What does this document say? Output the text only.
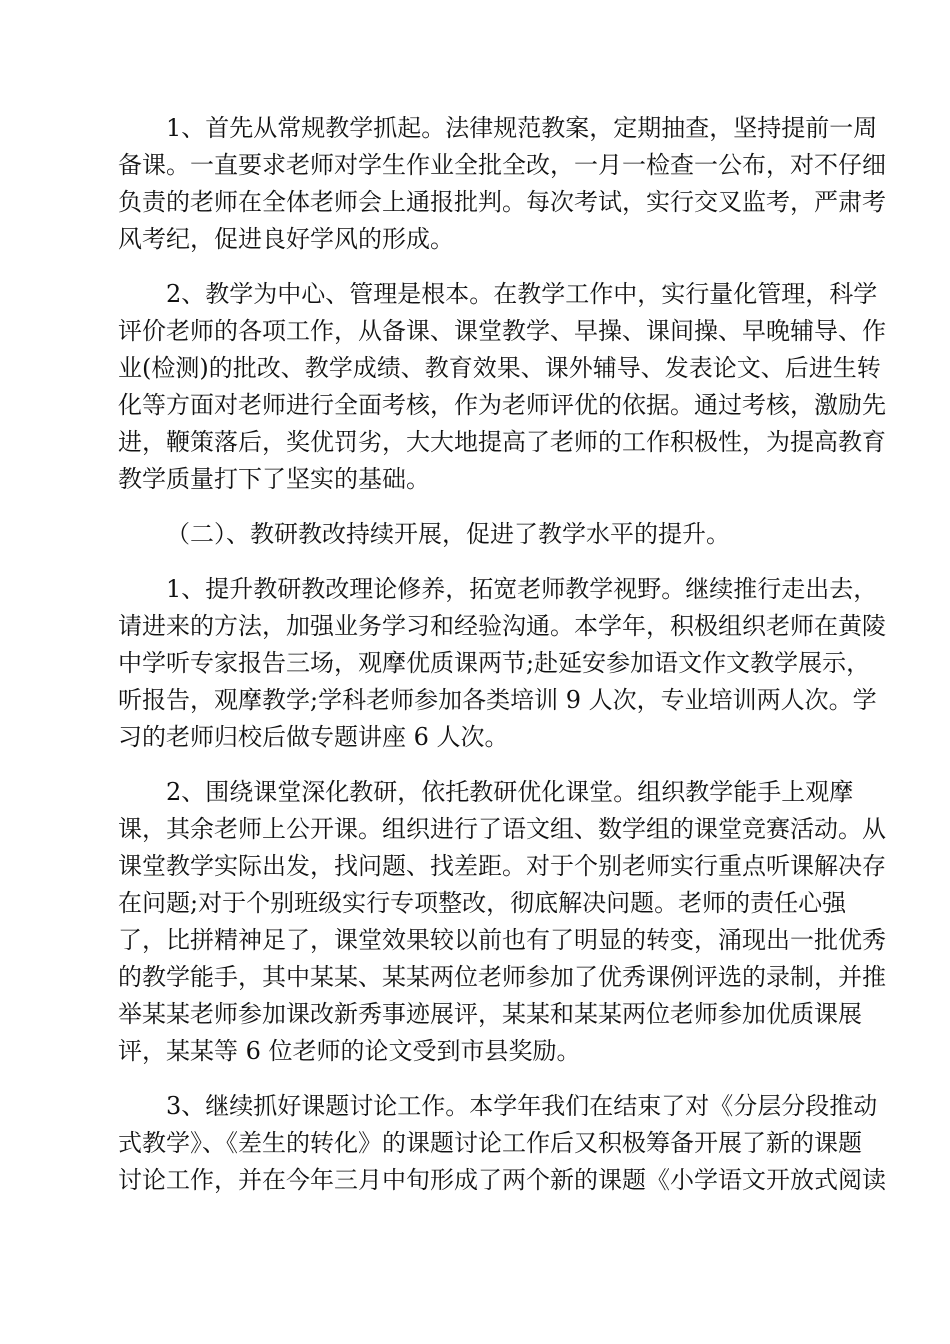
1、首先从常规教学抓起。法律规范教案，定期抽查，坚持提前一周
备课。一直要求老师对学生作业全批全改，一月一检查一公布，对不仔细
负责的老师在全体老师会上通报批判。每次考试，实行交叉监考，严肃考
风考纪，促进良好学风的形成。

2、教学为中心、管理是根本。在教学工作中，实行量化管理，科学
评价老师的各项工作，从备课、课堂教学、早操、课间操、早晚辅导、作
业(检测)的批改、教学成绩、教育效果、课外辅导、发表论文、后进生转
化等方面对老师进行全面考核，作为老师评优的依据。通过考核，激励先
进，鞭策落后，奖优罚劣，大大地提高了老师的工作积极性，为提高教育
教学质量打下了坚实的基础。

（二）、教研教改持续开展，促进了教学水平的提升。

1、提升教研教改理论修养，拓宽老师教学视野。继续推行走出去，
请进来的方法，加强业务学习和经验沟通。本学年，积极组织老师在黄陵
中学听专家报告三场，观摩优质课两节;赴延安参加语文作文教学展示，
听报告，观摩教学;学科老师参加各类培训 9 人次，专业培训两人次。学
习的老师归校后做专题讲座 6 人次。

2、围绕课堂深化教研，依托教研优化课堂。组织教学能手上观摩
课，其余老师上公开课。组织进行了语文组、数学组的课堂竞赛活动。从
课堂教学实际出发，找问题、找差距。对于个别老师实行重点听课解决存
在问题;对于个别班级实行专项整改，彻底解决问题。老师的责任心强
了，比拼精神足了，课堂效果较以前也有了明显的转变，涌现出一批优秀
的教学能手，其中某某、某某两位老师参加了优秀课例评选的录制，并推
举某某老师参加课改新秀事迹展评，某某和某某两位老师参加优质课展
评，某某等 6 位老师的论文受到市县奖励。

3、继续抓好课题讨论工作。本学年我们在结束了对《分层分段推动
式教学》、《差生的转化》的课题讨论工作后又积极筹备开展了新的课题
讨论工作，并在今年三月中旬形成了两个新的课题《小学语文开放式阅读
